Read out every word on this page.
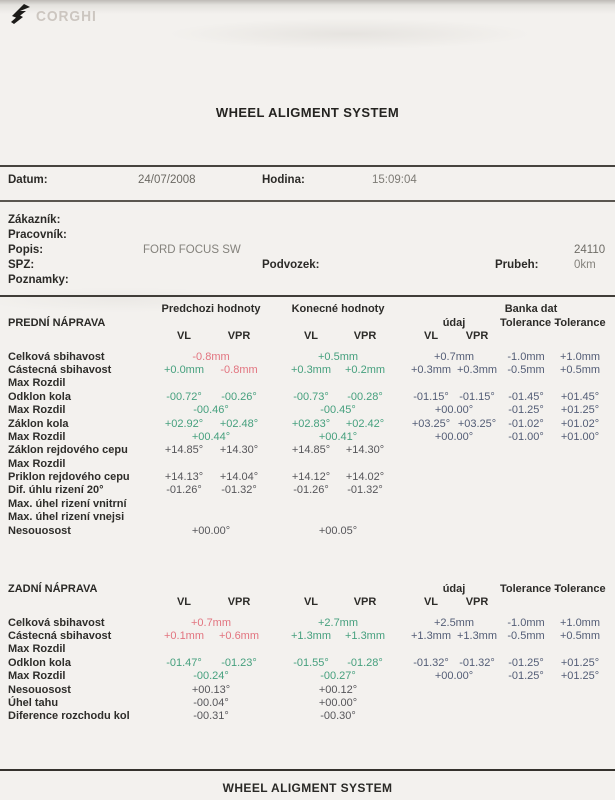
CORGHI
WHEEL ALIGMENT SYSTEM
Datum:	24/07/2008	Hodina:	15:09:04
Zákazník:
Pracovník:
Popis:	FORD FOCUS SW	24110
SPZ:	Podvozek:	Prubeh:	0km
Poznamky:
		Predchozi hodnoty			Konecné hodnoty				Banka dat			
	PREDNÍ NÁPRAVA							údaj		Tolerance -	Tolerance	
		VL	VPR		VL	VPR		VL	VPR			

	Celková sbihavost	-0.8mm			+0.5mm			+0.7mm		-1.0mm	+1.0mm	
	Cástecná sbihavost	+0.0mm	-0.8mm		+0.3mm	+0.2mm		+0.3mm	+0.3mm	-0.5mm	+0.5mm	
	Max Rozdil											
	Odklon kola	-00.72°	-00.26°		-00.73°	-00.28°		-01.15°	-01.15°	-01.45°	+01.45°	
	Max Rozdil	-00.46°			-00.45°			+00.00°		-01.25°	+01.25°	
	Záklon kola	+02.92°	+02.48°		+02.83°	+02.42°		+03.25°	+03.25°	-01.02°	+01.02°	
	Max Rozdil	+00.44°			+00.41°			+00.00°		-01.00°	+01.00°	
	Záklon rejdového cepu	+14.85°	+14.30°		+14.85°	+14.30°						
	Max Rozdil											
	Priklon rejdového cepu	+14.13°	+14.04°		+14.12°	+14.02°						
	Dif. úhlu rizení 20°	-01.26°	-01.32°		-01.26°	-01.32°						
	Max. úhel rizení vnitrní											
	Max. úhel rizení vnejsi											
	Nesouosost	+00.00°			+00.05°							
	ZADNÍ NÁPRAVA							údaj		Tolerance -	Tolerance	
		VL	VPR		VL	VPR		VL	VPR			

	Celková sbihavost	+0.7mm			+2.7mm			+2.5mm		-1.0mm	+1.0mm	
	Cástecná sbihavost	+0.1mm	+0.6mm		+1.3mm	+1.3mm		+1.3mm	+1.3mm	-0.5mm	+0.5mm	
	Max Rozdil											
	Odklon kola	-01.47°	-01.23°		-01.55°	-01.28°		-01.32°	-01.32°	-01.25°	+01.25°	
	Max Rozdil	-00.24°			-00.27°			+00.00°		-01.25°	+01.25°	
	Nesouosost	+00.13°			+00.12°							
	Úhel tahu	-00.04°			+00.00°							
	Diference rozchodu kol	-00.31°			-00.30°							
WHEEL ALIGMENT SYSTEM
